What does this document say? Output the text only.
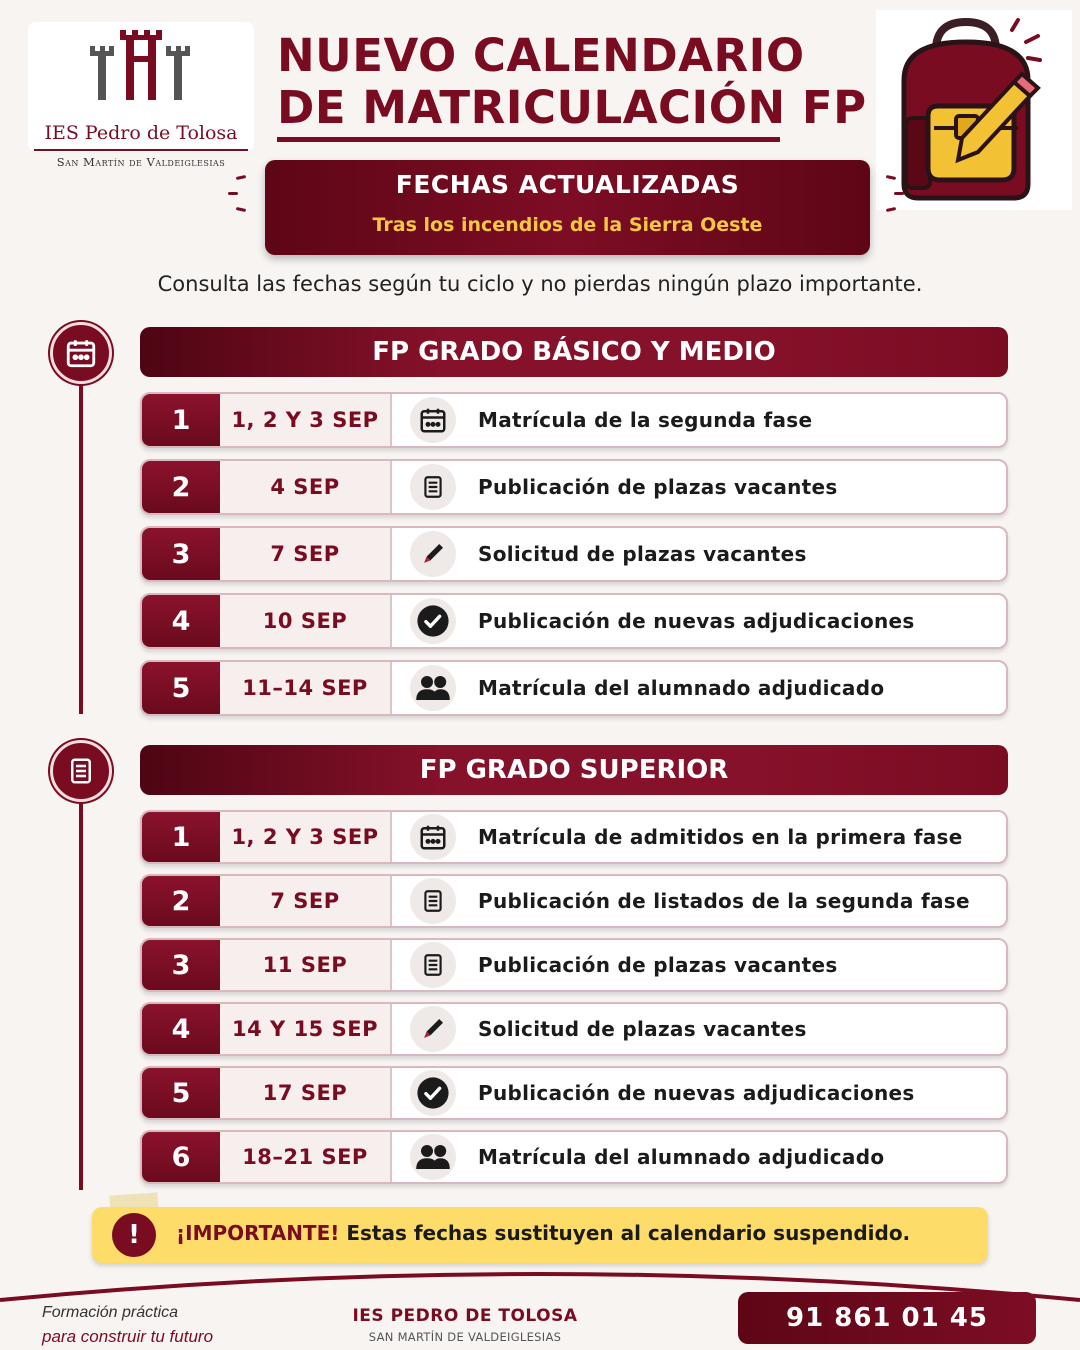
IES Pedro de Tolosa
San Martín de Valdeiglesias
NUEVO CALENDARIO
DE MATRICULACIÓN FP
FECHAS ACTUALIZADAS
Tras los incendios de la Sierra Oeste
Consulta las fechas según tu ciclo y no pierdas ningún plazo importante.
FP GRADO BÁSICO Y MEDIO
1	1, 2 Y 3 SEP	Matrícula de la segunda fase
2	4 SEP	Publicación de plazas vacantes
3	7 SEP	Solicitud de plazas vacantes
4	10 SEP	Publicación de nuevas adjudicaciones
5	11–14 SEP	Matrícula del alumnado adjudicado
FP GRADO SUPERIOR
1	1, 2 Y 3 SEP	Matrícula de admitidos en la primera fase
2	7 SEP	Publicación de listados de la segunda fase
3	11 SEP	Publicación de plazas vacantes
4	14 Y 15 SEP	Solicitud de plazas vacantes
5	17 SEP	Publicación de nuevas adjudicaciones
6	18–21 SEP	Matrícula del alumnado adjudicado
!	¡IMPORTANTE! Estas fechas sustituyen al calendario suspendido.
Formación práctica
para construir tu futuro
IES PEDRO DE TOLOSA
SAN MARTÍN DE VALDEIGLESIAS
91 861 01 45
